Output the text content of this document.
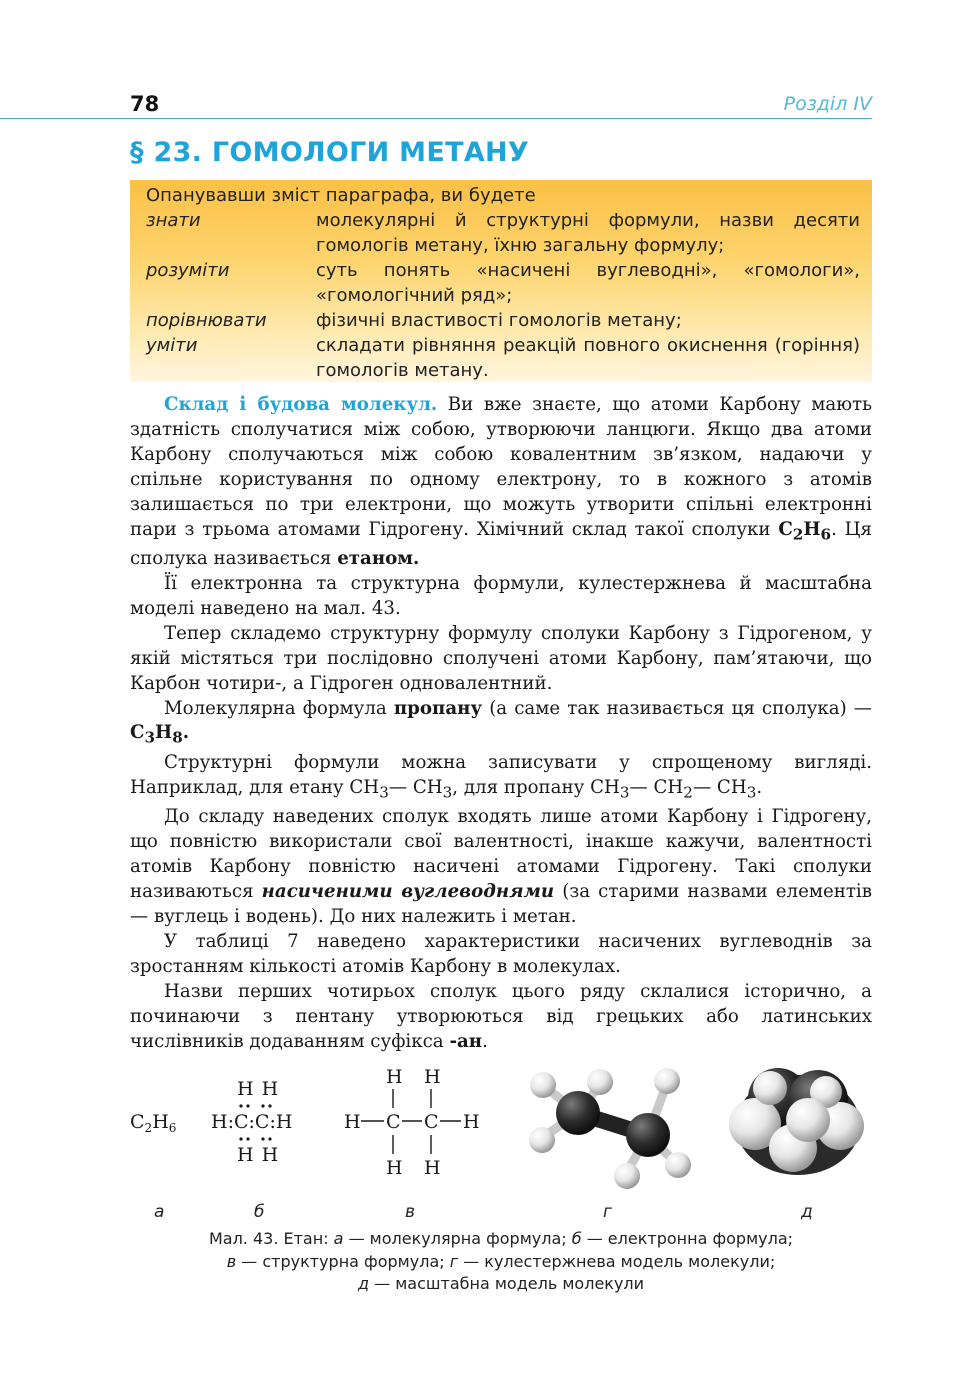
78	Розділ IV
§ 23. ГОМОЛОГИ МЕТАНУ
Опанувавши зміст параграфа, ви будете
знати	молекулярні й структурні формули, назви десяти гомологів метану, їхню загальну формулу;
розуміти	суть понять «насичені вуглеводні», «гомологи», «гомологічний ряд»;
порівнювати	фізичні властивості гомологів метану;
уміти	складати рівняння реакцій повного окиснення (горіння) гомологів метану.

Склад і будова молекул. Ви вже знаєте, що атоми Карбону мають здатність сполучатися між собою, утворюючи ланцюги. Якщо два атоми Карбону сполучаються між собою ковалентним зв’язком, надаючи у спільне користування по одному електрону, то в кожного з атомів залишається по три електрони, що можуть утворити спільні електронні пари з трьома атомами Гідрогену. Хімічний склад такої сполуки $C_2H_6$. Ця сполука називається етаном.

Її електронна та структурна формули, кулестержнева й масштабна моделі наведено на мал. 43.

Тепер складемо структурну формулу сполуки Карбону з Гідрогеном, у якій містяться три послідовно сполучені атоми Карбону, пам’ятаючи, що Карбон чотири-, а Гідроген одновалентний.

Молекулярна формула пропану (а саме так називається ця сполука) — $C_3H_8$.

Структурні формули можна записувати у спрощеному вигляді. Наприклад, для етану $CH_3—$ $CH_3$, для пропану $CH_3—$ $CH_2—$ $CH_3$.

До складу наведених сполук входять лише атоми Карбону і Гідрогену, що повністю використали свої валентності, інакше кажучи, валентності атомів Карбону повністю насичені атомами Гідрогену. Такі сполуки називаються насиченими вуглеводнями (за старими назвами елементів — вуглець і водень). До них належить і метан.

У таблиці 7 наведено характеристики насичених вуглеводнів за зростанням кількості атомів Карбону в молекулах.

Назви перших чотирьох сполук цього ряду склалися історично, а починаючи з пентану утворюються від грецьких або латинських числівників додаванням суфікса -ан.

$C_2H_6$
H H
H:C:C:H
H H
H H
H C C H
H H
а	б	в	г	д

Мал. 43. Етан: а — молекулярна формула; б — електронна формула;

в — структурна формула; г — кулестержнева модель молекули;

д — масштабна модель молекули
